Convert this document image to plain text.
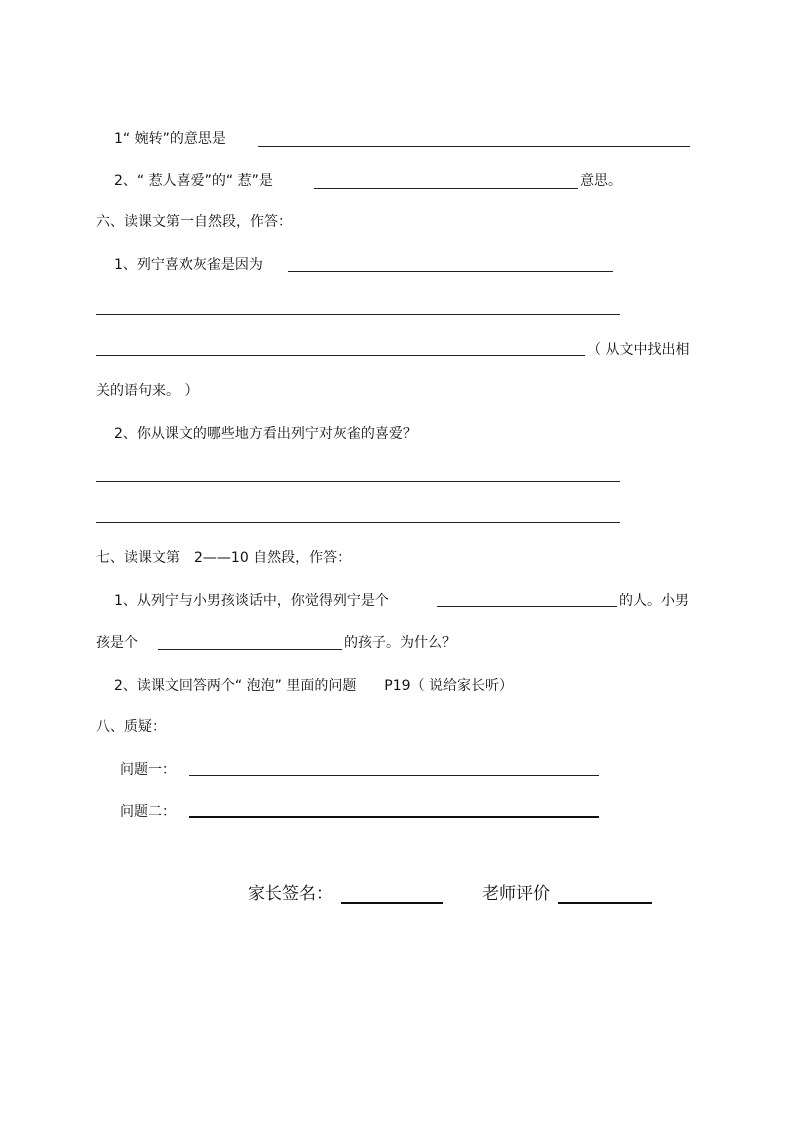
1“ 婉转”的意思是
2、“ 惹人喜爱”的“ 惹”是	意思。
六、读课文第一自然段，作答：
1、列宁喜欢灰雀是因为
（ 从文中找出相
关的语句来。 ）
2、你从课文的哪些地方看出列宁对灰雀的喜爱？
七、读课文第　2——10 自然段，作答：
1、从列宁与小男孩谈话中，你觉得列宁是个	的人。小男
孩是个	的孩子。为什么？
2、读课文回答两个“ 泡泡” 里面的问题　　P19（ 说给家长听）
八、质疑：
问题一：
问题二：
家长签名：	老师评价
